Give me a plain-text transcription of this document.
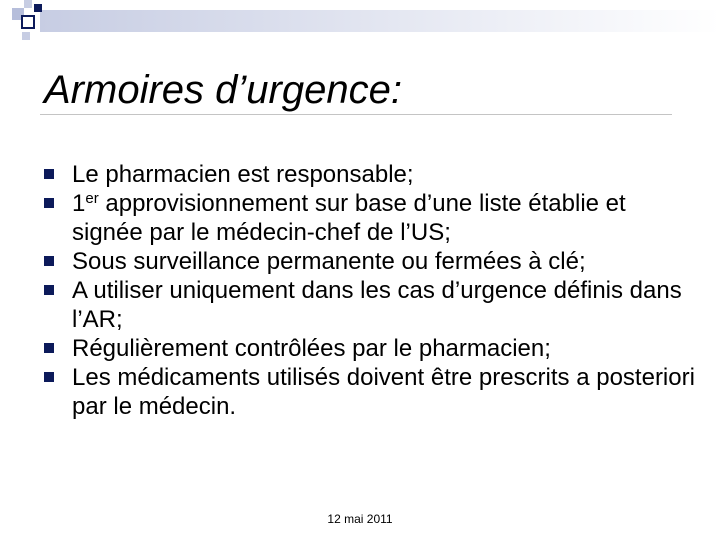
Armoires d’urgence:
Le pharmacien est responsable;
1er approvisionnement sur base d’une liste établie et signée par le médecin-chef de l’US;
Sous surveillance permanente ou fermées à clé;
A utiliser uniquement dans les cas d’urgence définis dans l’AR;
Régulièrement contrôlées par le pharmacien;
Les médicaments utilisés doivent être prescrits a posteriori par le médecin.
12 mai 2011
